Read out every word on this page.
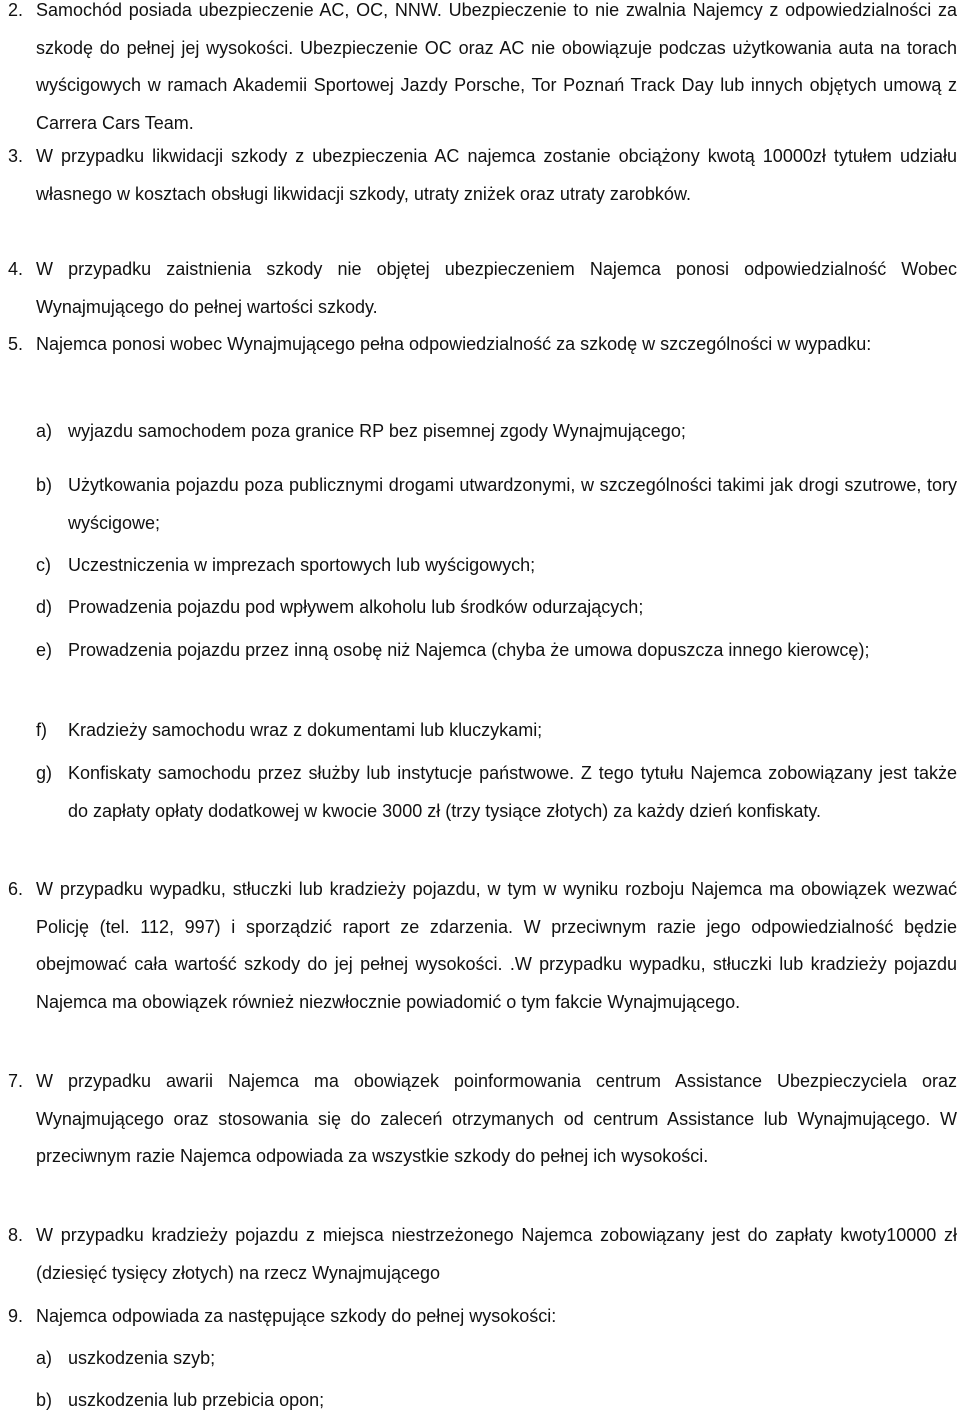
2. Samochód posiada ubezpieczenie AC, OC, NNW. Ubezpieczenie to nie zwalnia Najemcy z odpowiedzialności za szkodę do pełnej jej wysokości. Ubezpieczenie OC oraz AC nie obowiązuje podczas użytkowania auta na torach wyścigowych w ramach Akademii Sportowej Jazdy Porsche, Tor Poznań Track Day lub innych objętych umową z Carrera Cars Team.
3. W przypadku likwidacji szkody z ubezpieczenia AC najemca zostanie obciążony kwotą 10000zł tytułem udziału własnego w kosztach obsługi likwidacji szkody, utraty zniżek oraz utraty zarobków.
4. W przypadku zaistnienia szkody nie objętej ubezpieczeniem Najemca ponosi odpowiedzialność Wobec Wynajmującego do pełnej wartości szkody.
5. Najemca ponosi wobec Wynajmującego pełna odpowiedzialność za szkodę w szczególności w wypadku:
a) wyjazdu samochodem poza granice RP bez pisemnej zgody Wynajmującego;
b) Użytkowania pojazdu poza publicznymi drogami utwardzonymi, w szczególności takimi jak drogi szutrowe, tory wyścigowe;
c) Uczestniczenia w imprezach sportowych lub wyścigowych;
d) Prowadzenia pojazdu pod wpływem alkoholu lub środków odurzających;
e) Prowadzenia pojazdu przez inną osobę niż Najemca (chyba że umowa dopuszcza innego kierowcę);
f)	Kradzieży samochodu wraz z dokumentami lub kluczykami;
g) Konfiskaty samochodu przez służby lub instytucje państwowe. Z tego tytułu Najemca zobowiązany jest także do zapłaty opłaty dodatkowej w kwocie 3000 zł (trzy tysiące złotych) za każdy dzień konfiskaty.
6. W przypadku wypadku, stłuczki lub kradzieży pojazdu, w tym w wyniku rozboju Najemca ma obowiązek wezwać Policję (tel. 112, 997) i sporządzić raport ze zdarzenia. W przeciwnym razie jego odpowiedzialność będzie obejmować cała wartość szkody do jej pełnej wysokości. .W przypadku wypadku, stłuczki lub kradzieży pojazdu Najemca ma obowiązek również niezwłocznie powiadomić o tym fakcie Wynajmującego.
7. W przypadku awarii Najemca ma obowiązek poinformowania centrum Assistance Ubezpieczyciela oraz Wynajmującego oraz stosowania się do zaleceń otrzymanych od centrum Assistance lub Wynajmującego. W przeciwnym razie Najemca odpowiada za wszystkie szkody do pełnej ich wysokości.
8. W przypadku kradzieży pojazdu z miejsca niestrzeżonego Najemca zobowiązany jest do zapłaty kwoty10000 zł (dziesięć tysięcy złotych) na rzecz Wynajmującego
9. Najemca odpowiada za następujące szkody do pełnej wysokości:
a) uszkodzenia szyb;
b) uszkodzenia lub przebicia opon;
